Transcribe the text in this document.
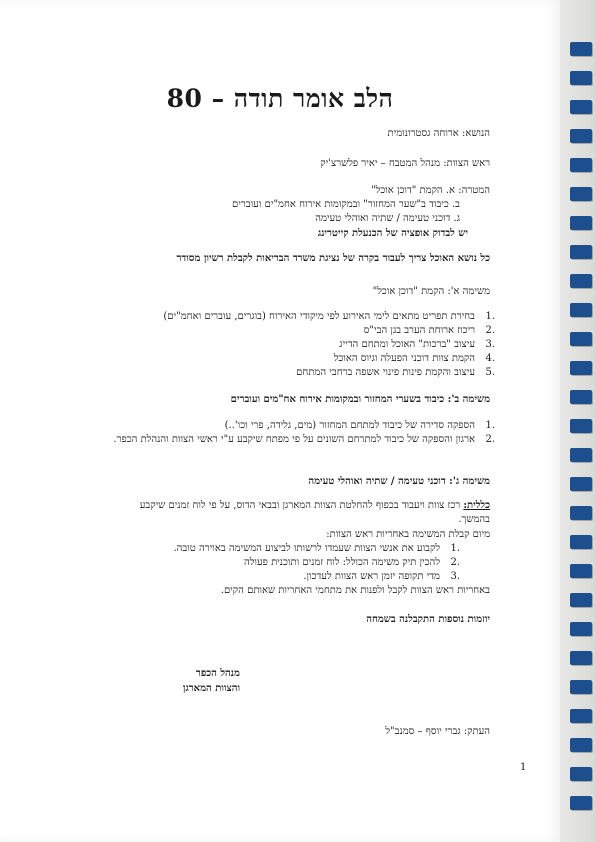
הלב אומר תודה – 80
הנושא: ארוחה גסטרונומית
ראש הצוות: מנהל המטבח – יאיר פלשרצ'יק
המטרה: א. הקמת "דוכן אוכל"
ב. כיבוד ב"שער המחזור" ובמקומות אירוח אחמ"ים ועוברים
ג. דוכני טעימה / שתיה ואוהלי טעימה
יש לבדוק אופציה של הכנעלת קייטרינג
כל נושא האוכל צריך לעבור בקרה של נציגת משרד הבריאות לקבלת רשיון מסודר
משימה א': הקמת "דוכן אוכל"
.1בחירת תפריט מתאים לימי האירוע לפי מיקודי האירוח (בוגרים, עוברים ואחמ"ים)
.2ריכוז ארוחת הערב בגן הבי"ס
.3עיצוב "ברכות" האוכל ומתחם הדייג
.4הקמת צוות דוכני הפעלה וגיוס האוכל
.5עיצוב והקמת פינות פינוי אשפה ברחבי המתחם
משימה ב': כיבוד בשערי המחזור ובמקומות אירוח אח"מים ועוברים
.1הספקה סדירה של כיבוד למתחם המחזור (מים, גלידה, פרי וכו'..)
.2ארגון והספקה של כיבוד למתרחם השונים על פי מפתח שיקבע ע"י ראשי הצוות והנהלת הכפר.
משימה ג': דוכני טעימה / שתיה ואוהלי טעימה
כללית: רכז צוות ויעבוד בכפוף להחלטת הצוות המארגן ובבאי הדוס, על פי לוח זמנים שיקבע
בהמשך.
מיום קבלת המשימה באחריות ראש הצוות:
.1לקבוע את אנשי הצוות שעמדו לרשותו לביצוע המשימה באוירה טובה.
.2להכין תיק משימה הכולל: לוח זמנים ותוכנית פעולה
.3מדי תקופה יזמן ראש הצוות לעדכון.
באחריות ראש הצוות לקבל ולפנות את מתחמי האחריות שאותם הקים.
יוזמות נוספות התקבלנה בשמחה
מנהל הכפר
והצוות המארגן
העתק: גברי יוסף – סמנב"ל
1
